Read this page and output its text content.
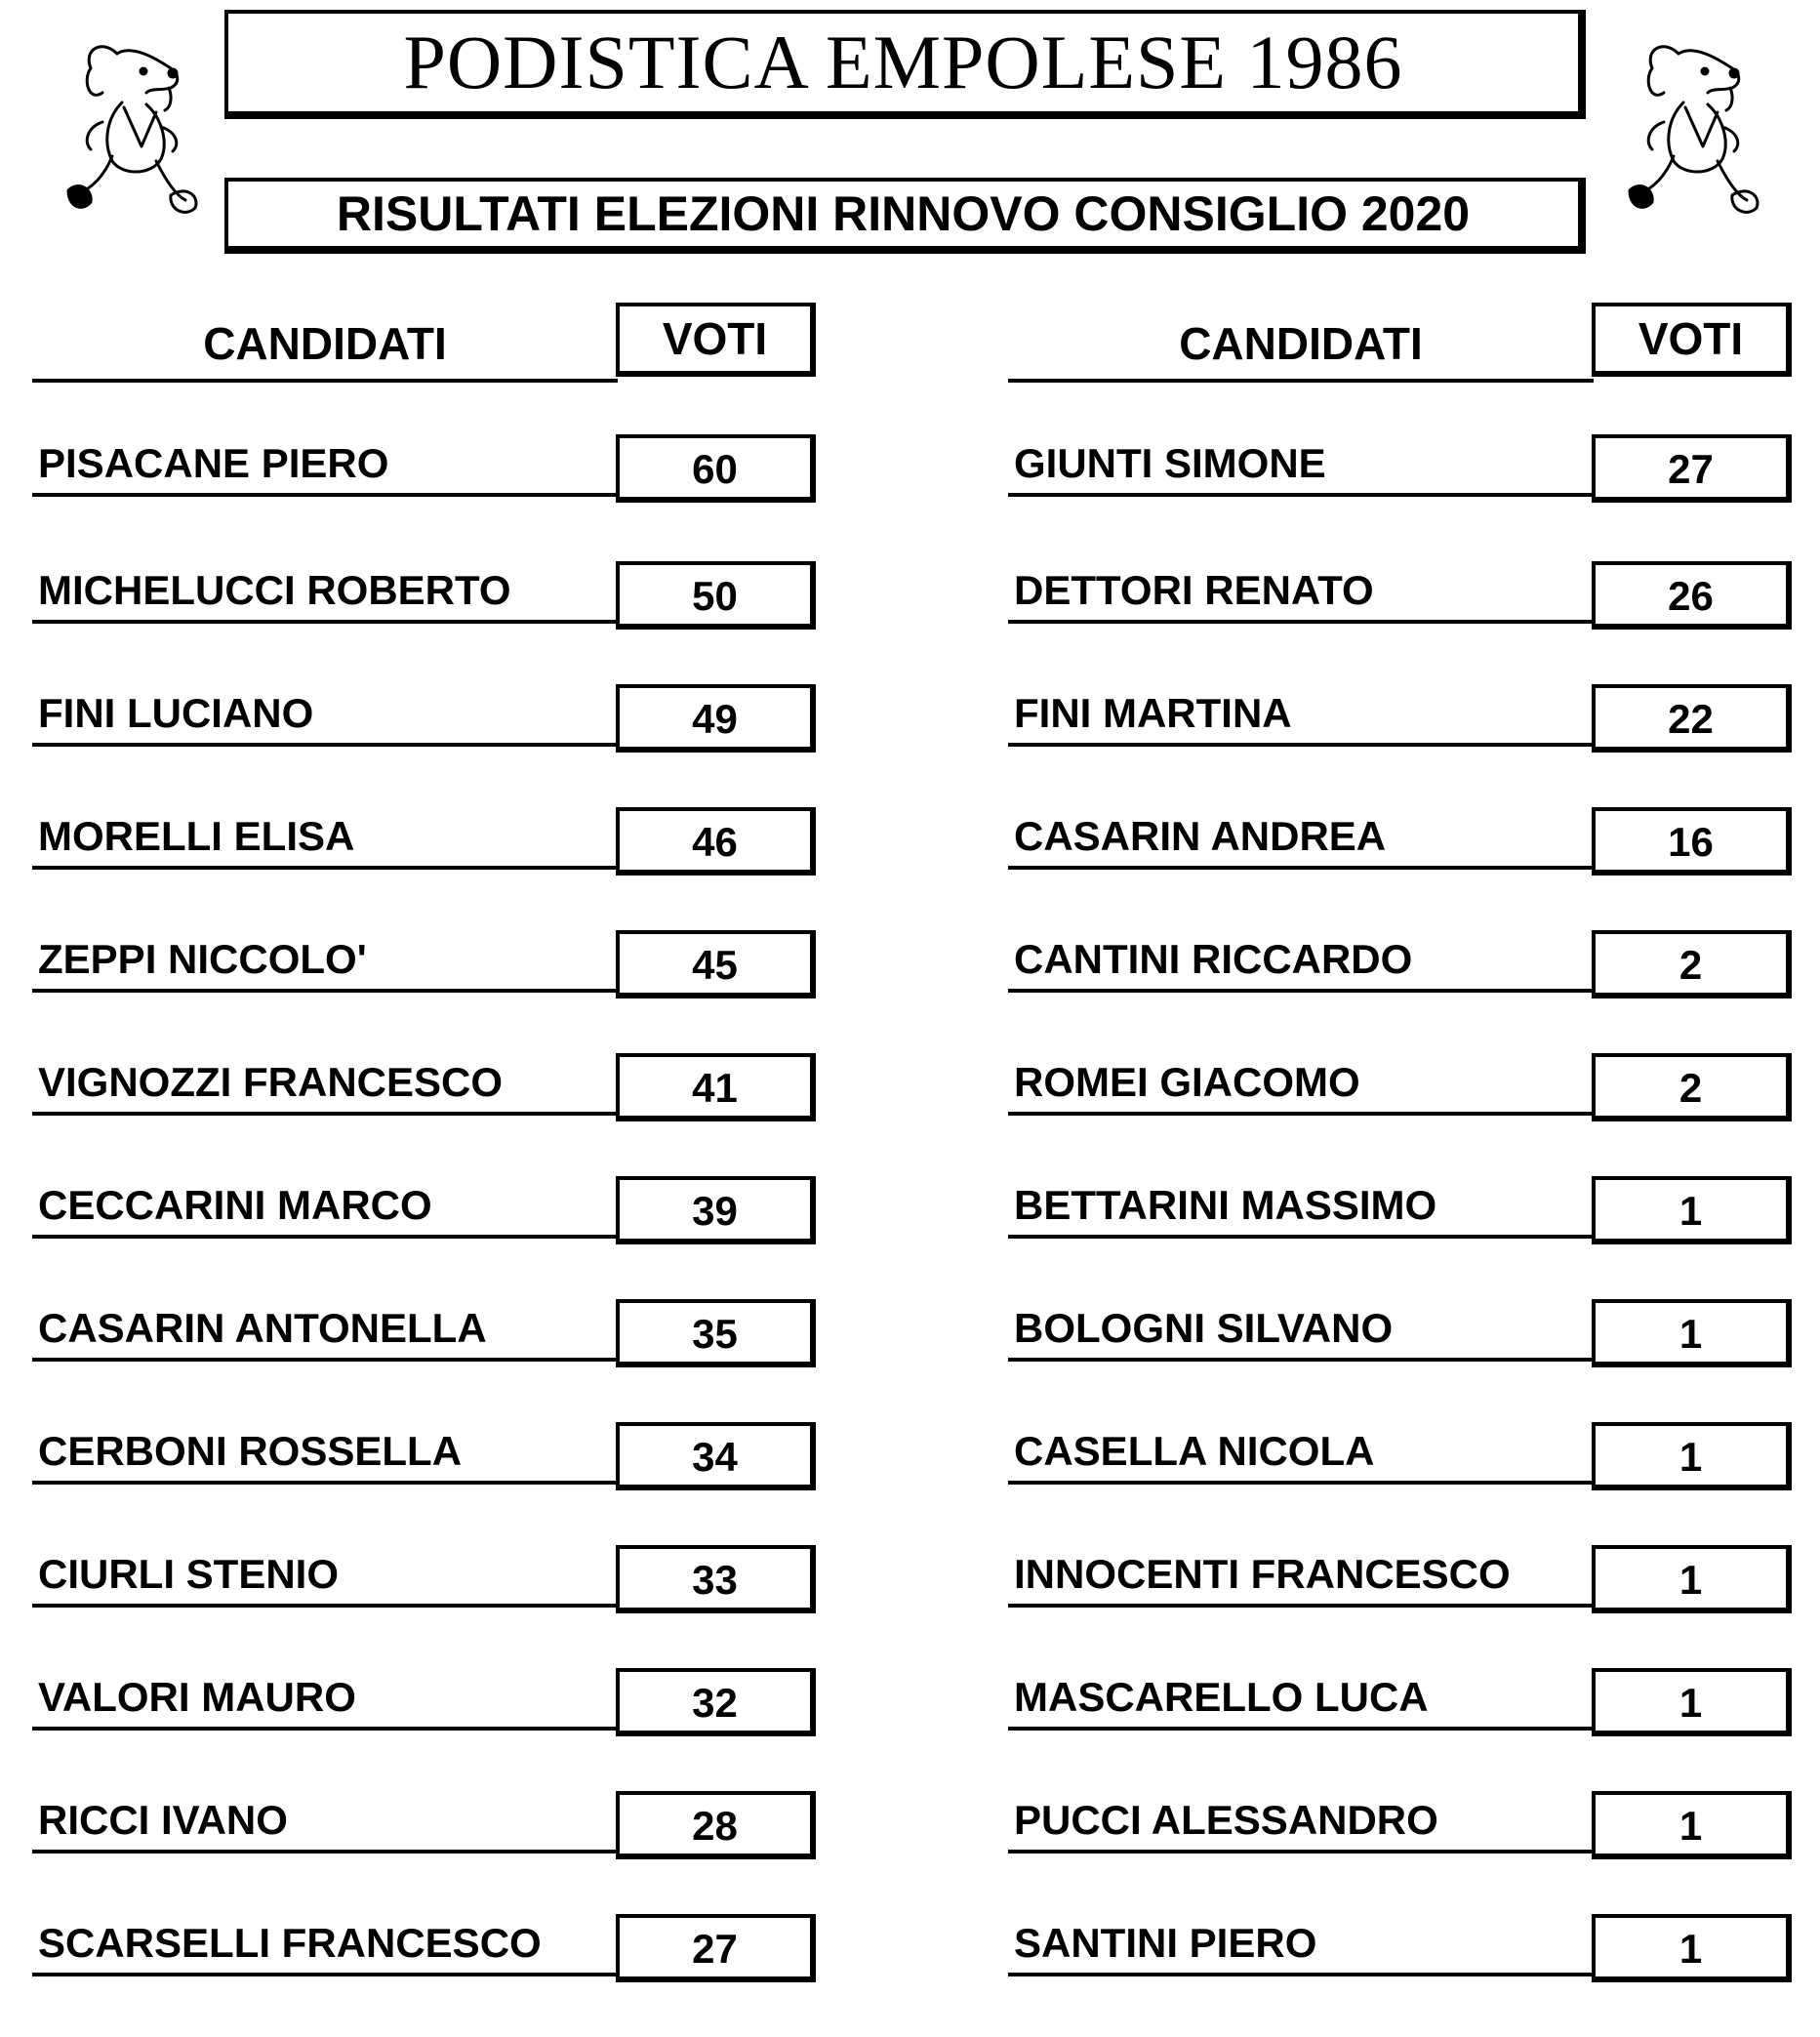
PODISTICA EMPOLESE 1986
RISULTATI ELEZIONI RINNOVO CONSIGLIO 2020
CANDIDATI	VOTI
PISACANE PIERO	60
MICHELUCCI ROBERTO	50
FINI LUCIANO	49
MORELLI ELISA	46
ZEPPI NICCOLO'	45
VIGNOZZI FRANCESCO	41
CECCARINI MARCO	39
CASARIN ANTONELLA	35
CERBONI ROSSELLA	34
CIURLI STENIO	33
VALORI MAURO	32
RICCI IVANO	28
SCARSELLI FRANCESCO	27
CANDIDATI	VOTI
GIUNTI SIMONE	27
DETTORI RENATO	26
FINI MARTINA	22
CASARIN ANDREA	16
CANTINI RICCARDO	2
ROMEI GIACOMO	2
BETTARINI MASSIMO	1
BOLOGNI SILVANO	1
CASELLA NICOLA	1
INNOCENTI FRANCESCO	1
MASCARELLO LUCA	1
PUCCI ALESSANDRO	1
SANTINI PIERO	1
